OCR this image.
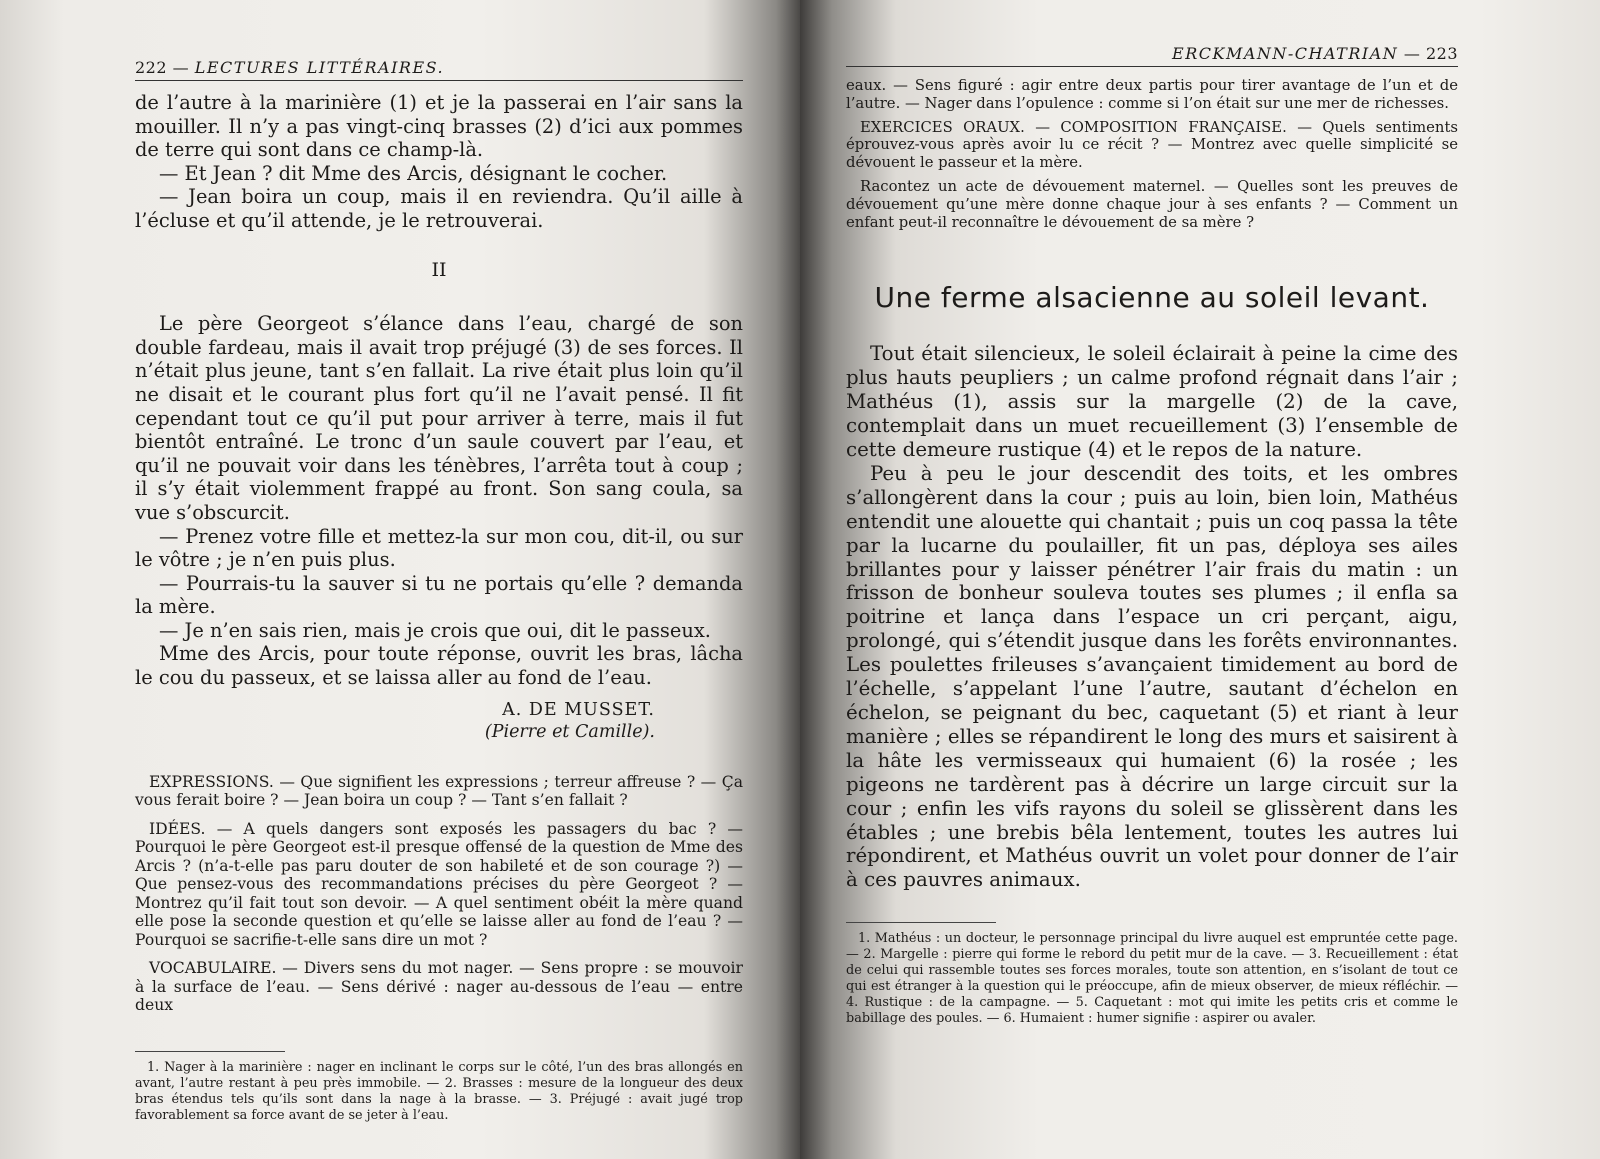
222 — LECTURES LITTÉRAIRES.

de l’autre à la marinière (1) et je la passerai en l’air sans la mouiller. Il n’y a pas vingt-cinq brasses (2) d’ici aux pommes de terre qui sont dans ce champ-là.

— Et Jean ? dit Mme des Arcis, désignant le cocher.

— Jean boira un coup, mais il en reviendra. Qu’il aille à l’écluse et qu’il attende, je le retrouverai.

II

Le père Georgeot s’élance dans l’eau, chargé de son double fardeau, mais il avait trop préjugé (3) de ses forces. Il n’était plus jeune, tant s’en fallait. La rive était plus loin qu’il ne disait et le courant plus fort qu’il ne l’avait pensé. Il fit cependant tout ce qu’il put pour arriver à terre, mais il fut bientôt entraîné. Le tronc d’un saule couvert par l’eau, et qu’il ne pouvait voir dans les ténèbres, l’arrêta tout à coup ; il s’y était violemment frappé au front. Son sang coula, sa vue s’obscurcit.

— Prenez votre fille et mettez-la sur mon cou, dit-il, ou sur le vôtre ; je n’en puis plus.

— Pourrais-tu la sauver si tu ne portais qu’elle ? demanda la mère.

— Je n’en sais rien, mais je crois que oui, dit le passeux.

Mme des Arcis, pour toute réponse, ouvrit les bras, lâcha le cou du passeux, et se laissa aller au fond de l’eau.

A. DE MUSSET.
(Pierre et Camille).

EXPRESSIONS. — Que signifient les expressions ; terreur affreuse ? — Ça vous ferait boire ? — Jean boira un coup ? — Tant s’en fallait ?

IDÉES. — A quels dangers sont exposés les passagers du bac ? — Pourquoi le père Georgeot est-il presque offensé de la question de Mme des Arcis ? (n’a-t-elle pas paru douter de son habileté et de son courage ?) — Que pensez-vous des recommandations précises du père Georgeot ? — Montrez qu’il fait tout son devoir. — A quel sentiment obéit la mère quand elle pose la seconde question et qu’elle se laisse aller au fond de l’eau ? — Pourquoi se sacrifie-t-elle sans dire un mot ?

VOCABULAIRE. — Divers sens du mot nager. — Sens propre : se mouvoir à la surface de l’eau. — Sens dérivé : nager au-dessous de l’eau — entre deux

1. Nager à la marinière : nager en inclinant le corps sur le côté, l’un des bras allongés en avant, l’autre restant à peu près immobile. — 2. Brasses : mesure de la longueur des deux bras étendus tels qu’ils sont dans la nage à la brasse. — 3. Préjugé : avait jugé trop favorablement sa force avant de se jeter à l’eau.

ERCKMANN-CHATRIAN — 223

eaux. — Sens figuré : agir entre deux partis pour tirer avantage de l’un et de l’autre. — Nager dans l’opulence : comme si l’on était sur une mer de richesses.

EXERCICES ORAUX. — COMPOSITION FRANÇAISE. — Quels sentiments éprouvez-vous après avoir lu ce récit ? — Montrez avec quelle simplicité se dévouent le passeur et la mère.

Racontez un acte de dévouement maternel. — Quelles sont les preuves de dévouement qu’une mère donne chaque jour à ses enfants ? — Comment un enfant peut-il reconnaître le dévouement de sa mère ?

Une ferme alsacienne au soleil levant.

Tout était silencieux, le soleil éclairait à peine la cime des plus hauts peupliers ; un calme profond régnait dans l’air ; Mathéus (1), assis sur la margelle (2) de la cave, contemplait dans un muet recueillement (3) l’ensemble de cette demeure rustique (4) et le repos de la nature.

Peu à peu le jour descendit des toits, et les ombres s’allongèrent dans la cour ; puis au loin, bien loin, Mathéus entendit une alouette qui chantait ; puis un coq passa la tête par la lucarne du poulailler, fit un pas, déploya ses ailes brillantes pour y laisser pénétrer l’air frais du matin : un frisson de bonheur souleva toutes ses plumes ; il enfla sa poitrine et lança dans l’espace un cri perçant, aigu, prolongé, qui s’étendit jusque dans les forêts environnantes. Les poulettes frileuses s’avançaient timidement au bord de l’échelle, s’appelant l’une l’autre, sautant d’échelon en échelon, se peignant du bec, caquetant (5) et riant à leur manière ; elles se répandirent le long des murs et saisirent à la hâte les vermisseaux qui humaient (6) la rosée ; les pigeons ne tardèrent pas à décrire un large circuit sur la cour ; enfin les vifs rayons du soleil se glissèrent dans les étables ; une brebis bêla lentement, toutes les autres lui répondirent, et Mathéus ouvrit un volet pour donner de l’air à ces pauvres animaux.

1. Mathéus : un docteur, le personnage principal du livre auquel est empruntée cette page. — 2. Margelle : pierre qui forme le rebord du petit mur de la cave. — 3. Recueillement : état de celui qui rassemble toutes ses forces morales, toute son attention, en s’isolant de tout ce qui est étranger à la question qui le préoccupe, afin de mieux observer, de mieux réfléchir. — 4. Rustique : de la campagne. — 5. Caquetant : mot qui imite les petits cris et comme le babillage des poules. — 6. Humaient : humer signifie : aspirer ou avaler.
